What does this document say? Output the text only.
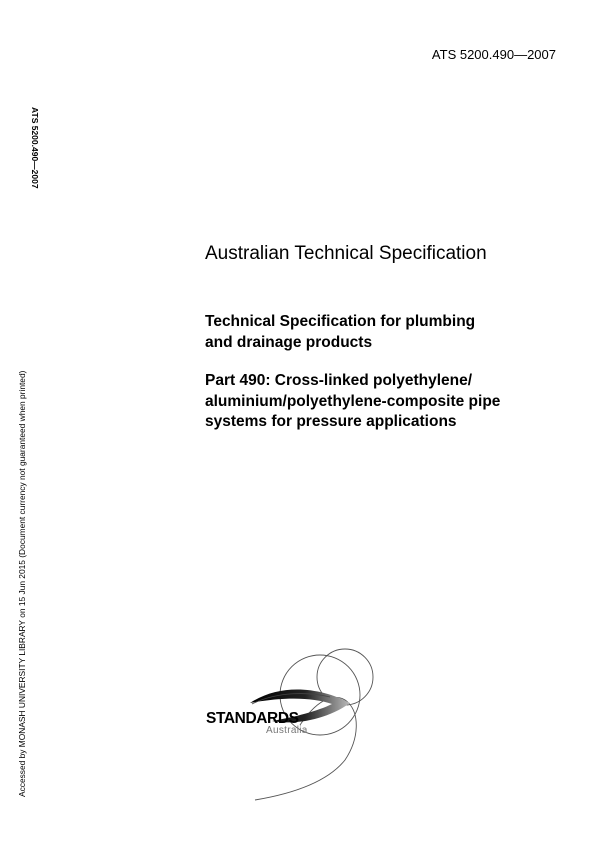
ATS 5200.490—2007
ATS 5200.490—2007
Accessed by MONASH UNIVERSITY LIBRARY on 15 Jun 2015 (Document currency not guaranteed when printed)
Australian Technical Specification
Technical Specification for plumbing
and drainage products
Part 490: Cross-linked polyethylene/
aluminium/polyethylene-composite pipe
systems for pressure applications
STANDARDS
Australia
